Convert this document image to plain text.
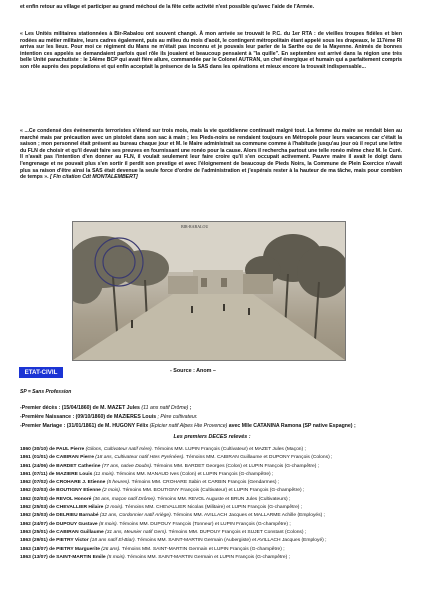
et enfin retour au village et participer au grand méchoui de la fête cette activité n'est possible qu'avec l'aide de l'Armée.
« Les Unités militaires stationnées à Bir-Rabalou ont souvent changé. À mon arrivée se trouvait le P.C. du 1er RTA : de vieilles troupes fidèles et bien rodées au métier militaire, leurs cadres également, puis au milieu du mois d'août, le contingent métropolitain étant appelé sous les drapeaux, le 117ème RI arriva sur les lieux. Pour moi ce régiment du Mans ne m'était pas inconnu et je pouvais leur parler de la Sarthe ou de la Mayenne. Animés de bonnes intention ces appelés se demandaient parfois quel rôle ils jouaient et beaucoup pensaient à "la quille". En septembre est arrivé dans la région une très belle Unité parachutiste : le 14ème BCP qui avait fière allure, commandée par le Colonel AUTRAN, un chef énergique et humain qui a parfaitement compris son rôle auprès des populations et qui enfin acceptait la présence de la SAS dans les opérations et mieux encore la trouvait indispensable...
« ...Ce condensé des événements terroristes s'étend sur trois mois, mais la vie quotidienne continuait malgré tout. La femme du maire se rendait bien au marché mais par précaution avec un pistolet dans son sac à main ; les Pieds-noirs se rendaient toujours en Métropole pour leurs vacances car c'était la saison ; mon personnel était présent au bureau chaque jour et M. le Maire administrait sa commune comme à l'habitude jusqu'au jour où il reçut une lettre du FLN de choisir et qu'il devait faire ses preuves en fournissant une ronéo pour la cause. Alors il rechercha partout une telle ronéo même chez M. le Curé. Il n'avait pas l'intention d'en donner au FLN, il voulait seulement leur faire croire qu'il s'en occupait activement. Pauvre maire il avait le doigt dans l'engrenage et ne pouvait plus s'en sortir il perdit son prestige et avec l'éloignement de beaucoup de Pieds Noirs, la Commune de Plein Exercice n'avait plus sa raison d'être ainsi la SAS était devenue la seule force d'ordre de l'administration et j'espérais rester à la hauteur de ma tâche, mais pour combien de temps ». [ Fin citation Cdt MONTALEMBERT]
BIR-RABALOU
ETAT-CIVIL	- Source : Anom –
SP = Sans Profession
-Premier décès : (15/04/1860) de M. MAZET Jules (11 ans natif Drôme) ;
-Première Naissance : (09/10/1860) de MAZIERES Louis ; Père cultivateur.
-Premier Mariage : (31/01/1861) de M. HUGONY Félix (Epicier natif Alpes Hte Provence) avec Mlle CATANINA Ramona (SP native Espagne) ;
Les premiers DECES relevés :
1860 (30/10) de PAUL Pierre (Gilons, Cultivateur natif Isère). Témoins MM. LUPIN François (Cultivateur) et MAZET Jules (Maçon) ;
1861 (01/01) de CABIRAN Pierre (18 ans, Cultivateur natif Htes Pyrénées). Témoins MM. CABIRAN Guillaume et DUPONY François (Colons) ;
1861 (24/06) de BARDET Catherine (77 ans, native Doubs). Témoins MM. BARDET Georges (Colon) et LUPIN François (G-champêtre) ;
1861 (07/11) de MAZIERE Louis (11 mois). Témoins MM. MANAUD Ives (Colon) et LUPIN François (G-champêtre) ;
1862 (07/02) de CROHARE J. Etienne (5 heures). Témoins MM. CROHARE Sabin et CARBIN François (Gendarmes) ;
1862 (02/03) de BOUTIGNY Etienne (2 mois). Témoins MM. BOUTIGNY François (Cultivateur) et LUPIN François (G-champêtre) ;
1862 (02/03) de REVOL Honoré (36 ans, maçon natif Drôme). Témoins MM. REVOL Auguste et BRUN Jules (Cultivateurs) ;
1862 (25/03) de CHEVALLIER Hilaire (2 mois). Témoins MM. CHEVALLIER Nicolas (Militaire) et LUPIN François (G-champêtre) ;
1862 (25/03) de DELRIEU Barnabé (32 ans, Cordonnier natif Ariège). Témoins MM. AVILLACH Jacques et MALLARME Achille (Employés) ;
1862 (24/07) de DUPOUY Gustave (8 mois). Témoins MM. DUPOUY François (Tonneur) et LUPIN François (G-champêtre) ;
1863 (25/01) de CABIRAN Guillaume (31 ans, Meunier natif Gers). Témoins MM. DUPOUY François et SUJET Constant (Colons) ;
1863 (29/01) de PIETRY Victor (18 ans natif El-Biar). Témoins MM. SAINT-MARTIN Germain (Aubergiste) et AVILLACH Jacques (Employé) ;
1863 (18/07) de PIETRY Marguerite (26 ans). Témoins MM. SAINT-MARTIN Germain et LUPIN François (G-champêtre) ;
1863 (13/07) de SAINT-MARTIN Emile (5 mois). Témoins MM. SAINT-MARTIN Germain et LUPIN François (G-champêtre) ;
